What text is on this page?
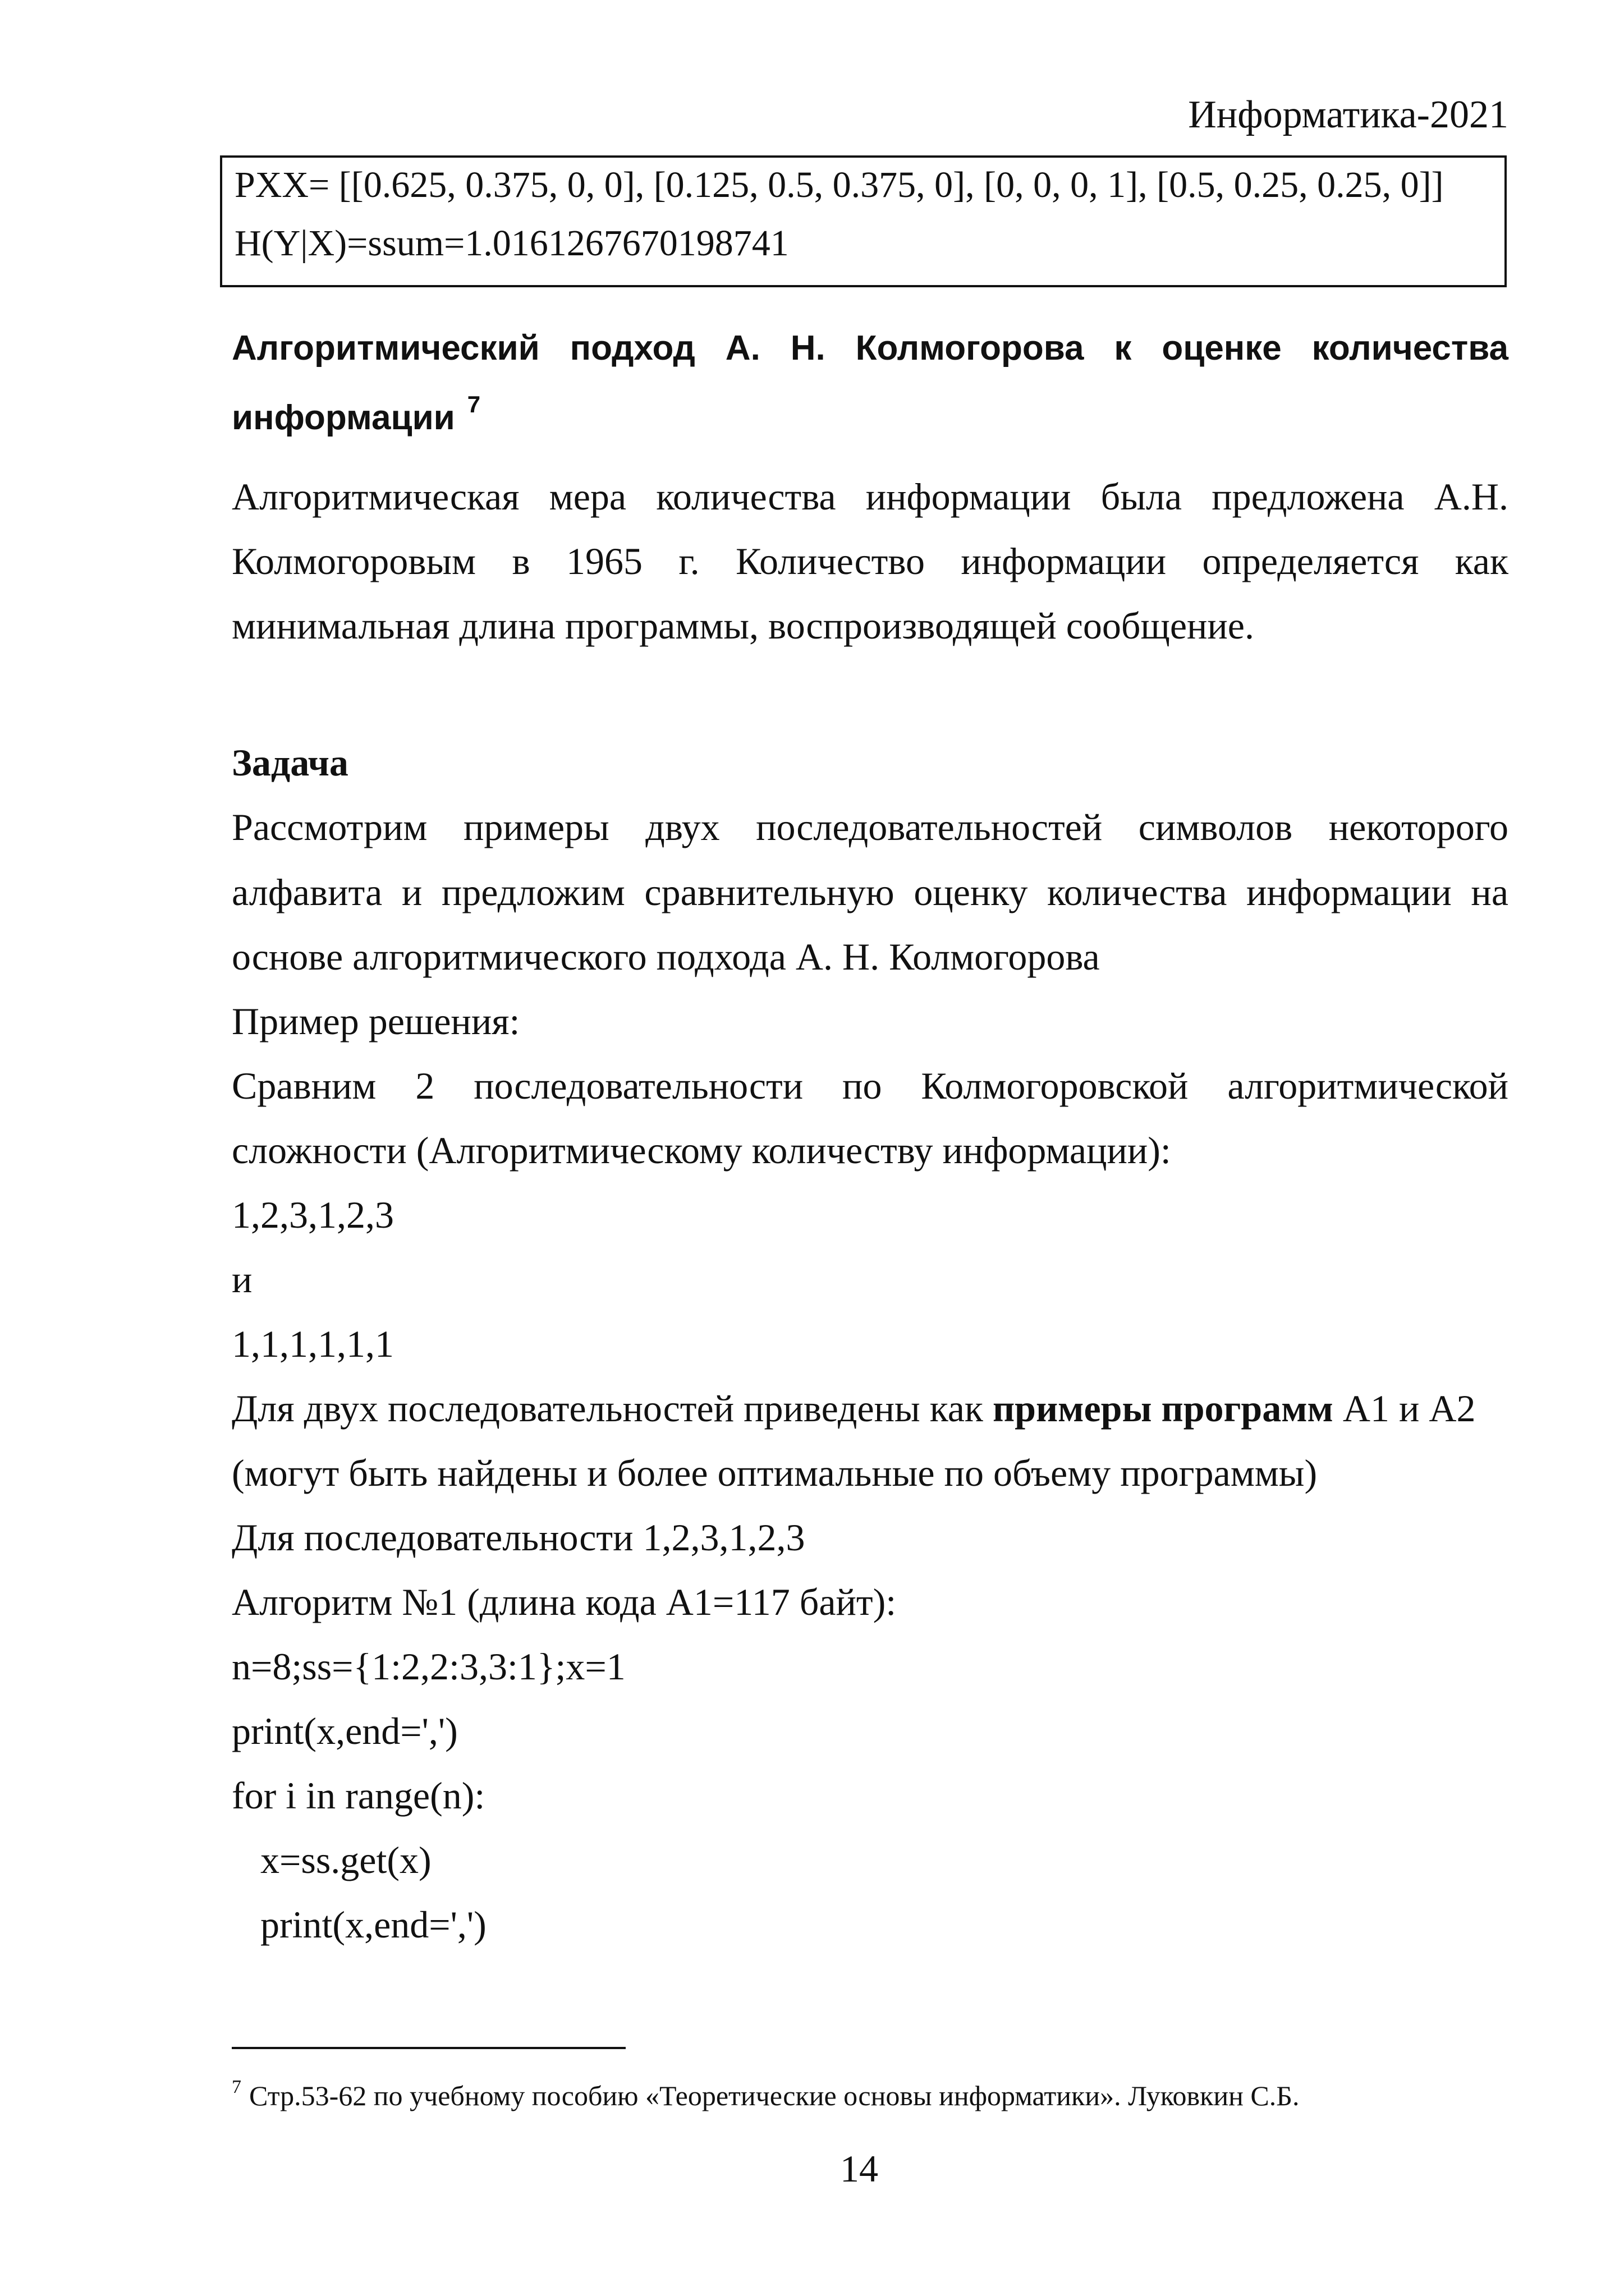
Информатика-2021
PXX= [[0.625, 0.375, 0, 0], [0.125, 0.5, 0.375, 0], [0, 0, 0, 1], [0.5, 0.25, 0.25, 0]]
H(Y|X)=ssum=1.0161267670198741
Алгоритмический подход А. Н. Колмогорова к оценке количества
информации $^7$
Алгоритмическая мера количества информации была предложена А.Н.
Колмогоровым в 1965 г. Количество информации определяется как
минимальная длина программы, воспроизводящей сообщение.
Задача
Рассмотрим примеры двух последовательностей символов некоторого
алфавита и предложим сравнительную оценку количества информации на
основе алгоритмического подхода А. Н. Колмогорова
Пример решения:
Сравним 2 последовательности по Колмогоровской алгоритмической
сложности (Алгоритмическому количеству информации):
1,2,3,1,2,3
и
1,1,1,1,1,1
Для двух последовательностей приведены как примеры программ А1 и А2
(могут быть найдены и более оптимальные по объему программы)
Для последовательности 1,2,3,1,2,3
Алгоритм №1 (длина кода А1=117 байт):
n=8;ss={1:2,2:3,3:1};x=1
print(x,end=',')
for i in range(n):
x=ss.get(x)
print(x,end=',')
$^7$ Стр.53-62 по учебному пособию «Теоретические основы информатики». Луковкин С.Б.
14
